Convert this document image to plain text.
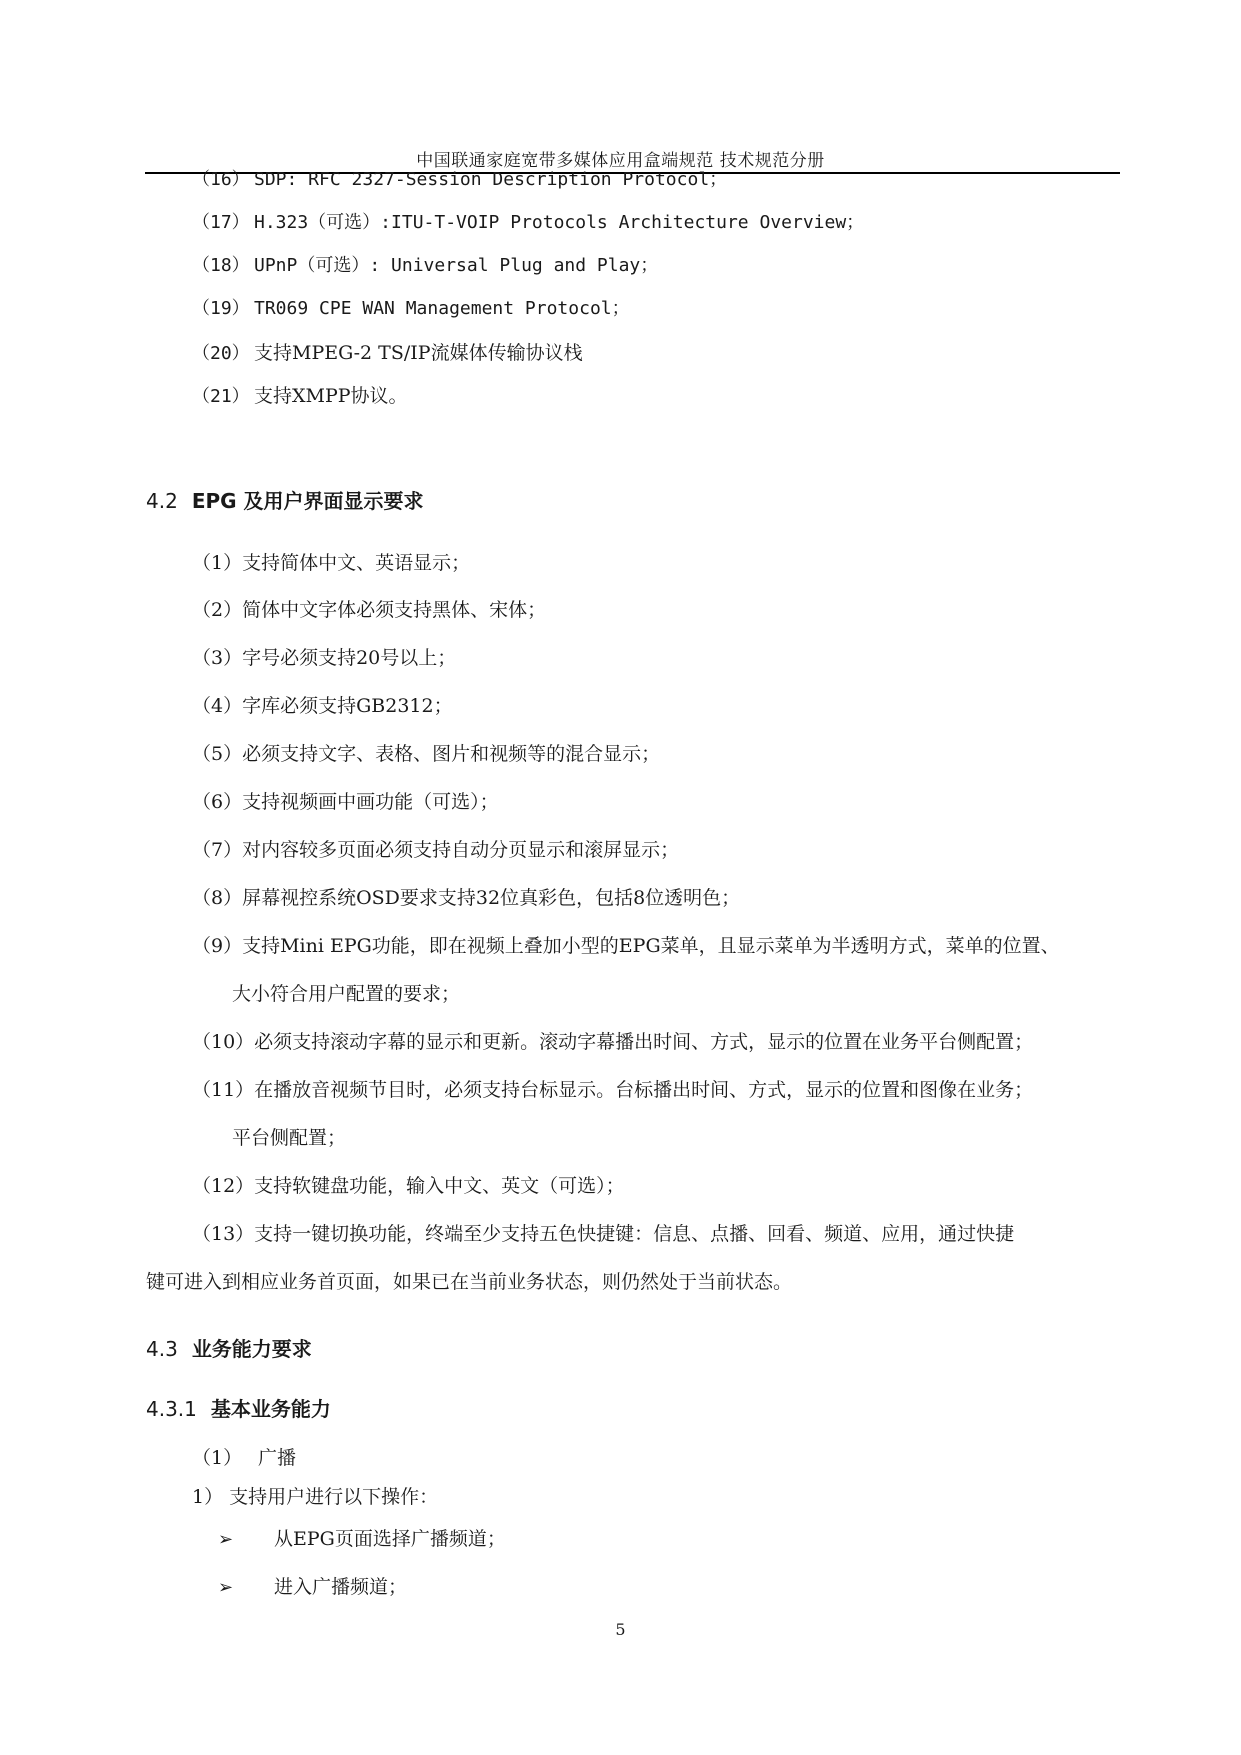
中国联通家庭宽带多媒体应用盒端规范 技术规范分册
（16） SDP: RFC 2327-Session Description Protocol；
（17） H.323（可选）:ITU-T-VOIP Protocols Architecture Overview；
（18） UPnP（可选）: Universal Plug and Play；
（19） TR069 CPE WAN Management Protocol；
（20） 支持MPEG-2 TS/IP流媒体传输协议栈
（21） 支持XMPP协议。
4.2 EPG 及用户界面显示要求
（1）支持简体中文、英语显示；
（2）简体中文字体必须支持黑体、宋体；
（3）字号必须支持20号以上；
（4）字库必须支持GB2312；
（5）必须支持文字、表格、图片和视频等的混合显示；
（6）支持视频画中画功能（可选）；
（7）对内容较多页面必须支持自动分页显示和滚屏显示；
（8）屏幕视控系统OSD要求支持32位真彩色，包括8位透明色；
（9）支持Mini EPG功能，即在视频上叠加小型的EPG菜单，且显示菜单为半透明方式，菜单的位置、
大小符合用户配置的要求；
（10）必须支持滚动字幕的显示和更新。滚动字幕播出时间、方式，显示的位置在业务平台侧配置；
（11）在播放音视频节目时，必须支持台标显示。台标播出时间、方式，显示的位置和图像在业务；
平台侧配置；
（12）支持软键盘功能，输入中文、英文（可选）；
（13）支持一键切换功能，终端至少支持五色快捷键：信息、点播、回看、频道、应用，通过快捷
键可进入到相应业务首页面，如果已在当前业务状态，则仍然处于当前状态。
4.3 业务能力要求
4.3.1 基本业务能力
（1） 广播
1） 支持用户进行以下操作：
➢ 从EPG页面选择广播频道；
➢ 进入广播频道；
5
